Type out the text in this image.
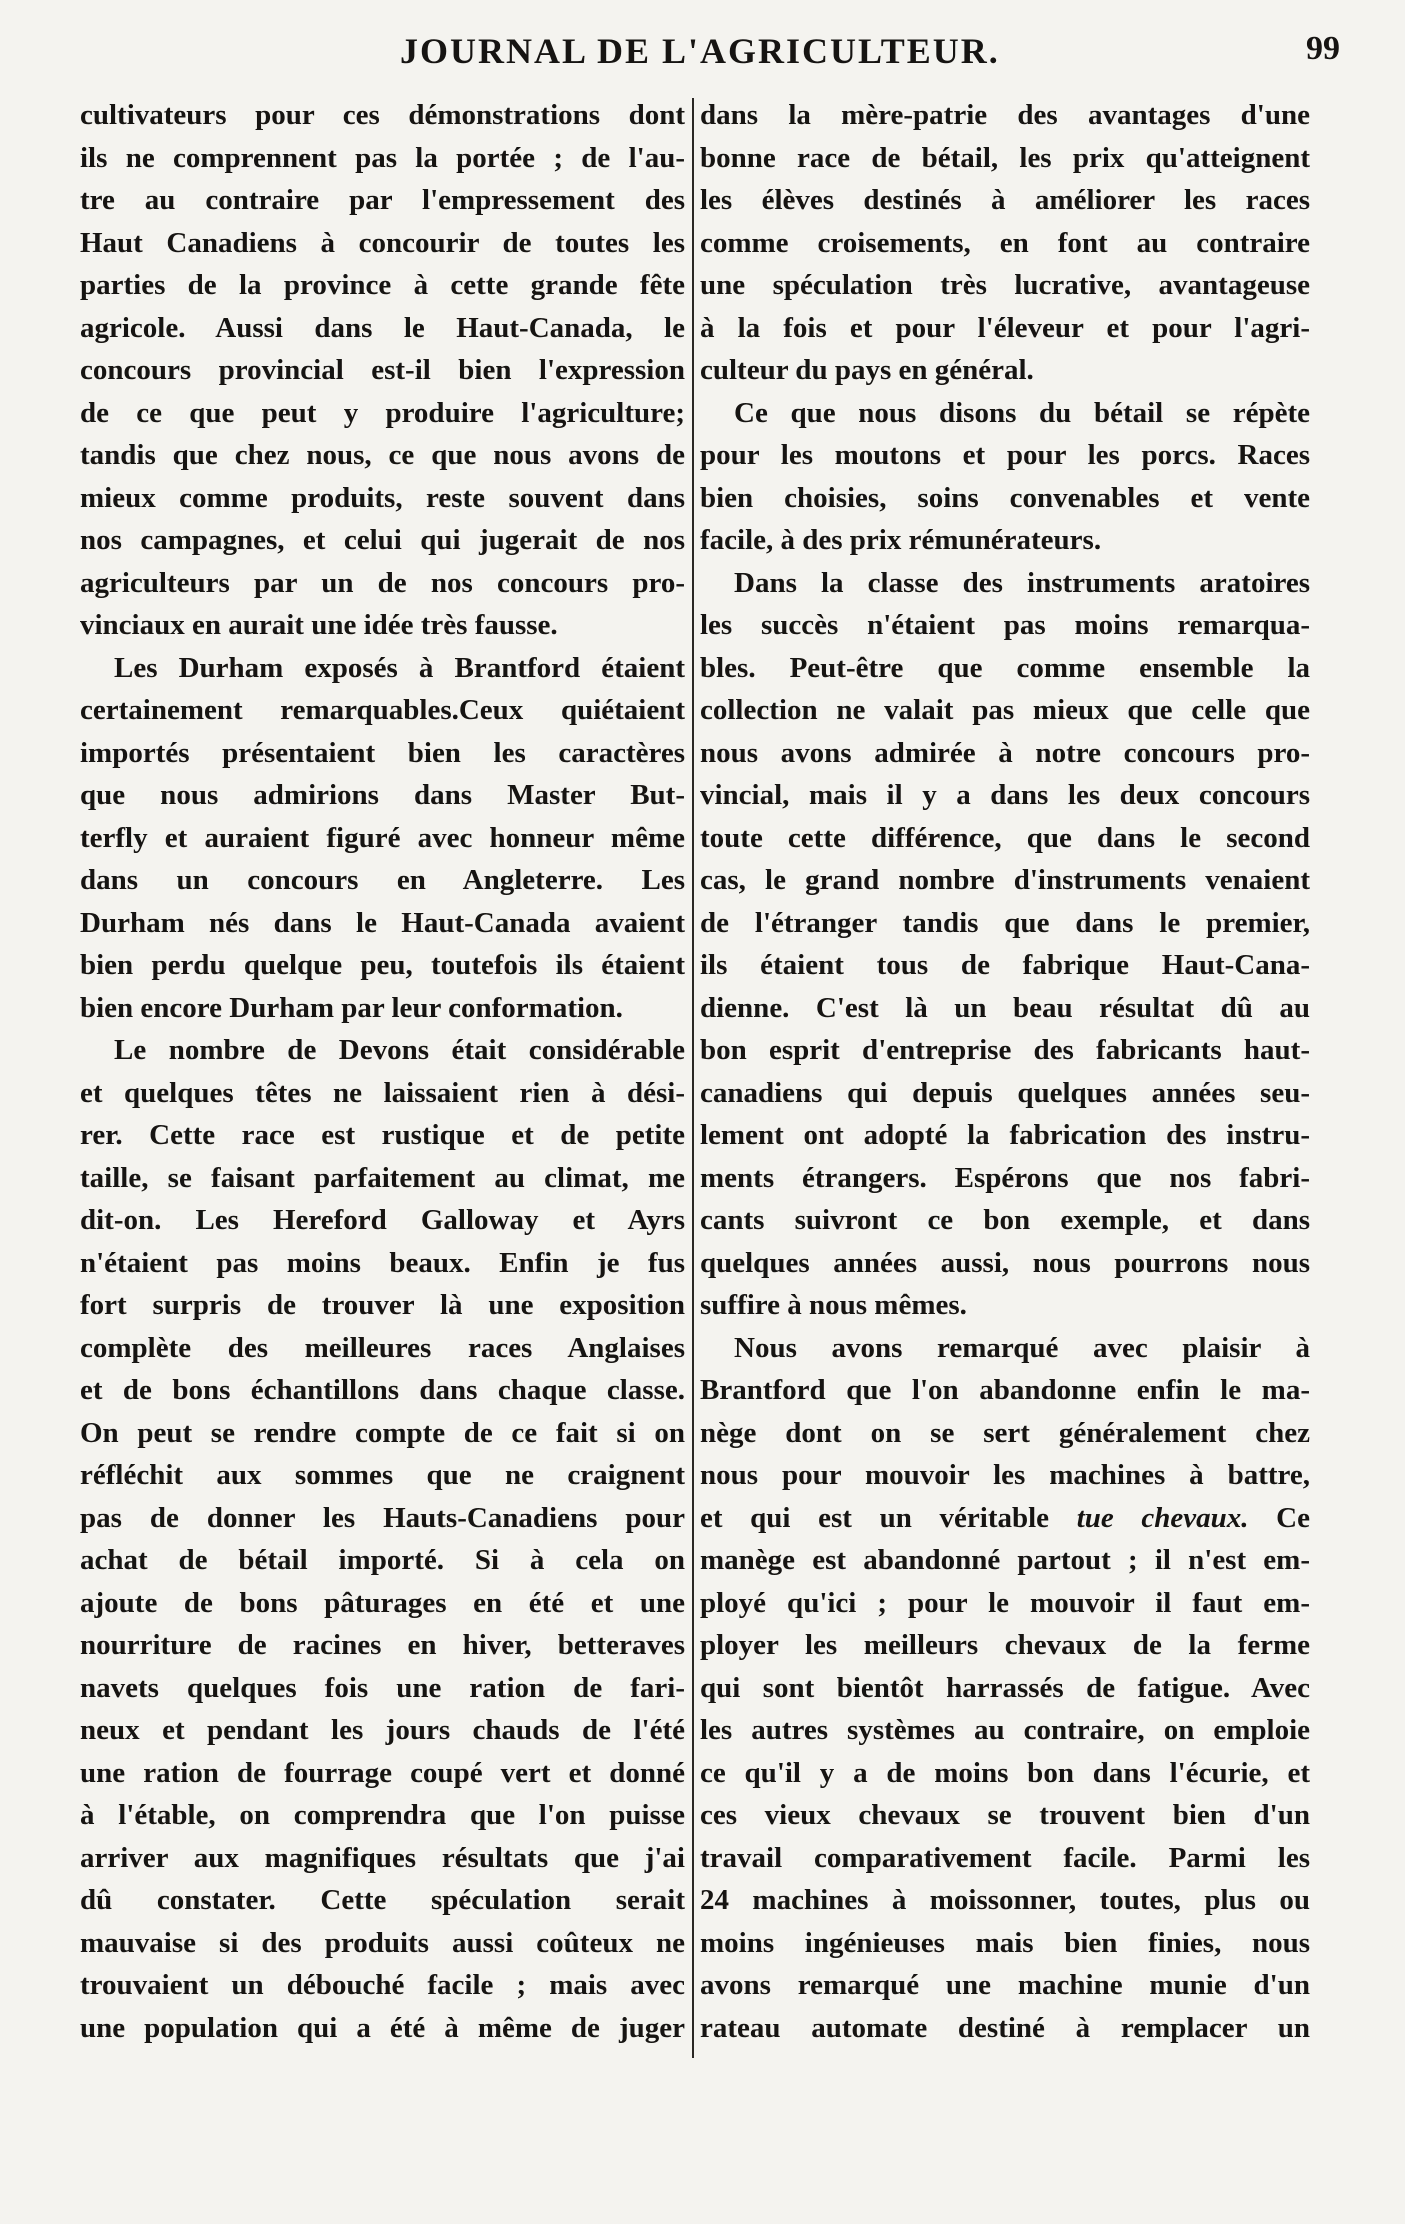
JOURNAL DE L'AGRICULTEUR.	99
cultivateurs pour ces démonstrations dont
ils ne comprennent pas la portée ; de l'au-
tre au contraire par l'empressement des
Haut Canadiens à concourir de toutes les
parties de la province à cette grande fête
agricole. Aussi dans le Haut-Canada, le
concours provincial est-il bien l'expression
de ce que peut y produire l'agriculture;
tandis que chez nous, ce que nous avons de
mieux comme produits, reste souvent dans
nos campagnes, et celui qui jugerait de nos
agriculteurs par un de nos concours pro-
vinciaux en aurait une idée très fausse.
Les Durham exposés à Brantford étaient
certainement remarquables.Ceux quiétaient
importés présentaient bien les caractères
que nous admirions dans Master But-
terfly et auraient figuré avec honneur même
dans un concours en Angleterre. Les
Durham nés dans le Haut-Canada avaient
bien perdu quelque peu, toutefois ils étaient
bien encore Durham par leur conformation.
Le nombre de Devons était considérable
et quelques têtes ne laissaient rien à dési-
rer. Cette race est rustique et de petite
taille, se faisant parfaitement au climat, me
dit-on. Les Hereford Galloway et Ayrs
n'étaient pas moins beaux. Enfin je fus
fort surpris de trouver là une exposition
complète des meilleures races Anglaises
et de bons échantillons dans chaque classe.
On peut se rendre compte de ce fait si on
réfléchit aux sommes que ne craignent
pas de donner les Hauts-Canadiens pour
achat de bétail importé. Si à cela on
ajoute de bons pâturages en été et une
nourriture de racines en hiver, betteraves
navets quelques fois une ration de fari-
neux et pendant les jours chauds de l'été
une ration de fourrage coupé vert et donné
à l'étable, on comprendra que l'on puisse
arriver aux magnifiques résultats que j'ai
dû constater. Cette spéculation serait
mauvaise si des produits aussi coûteux ne
trouvaient un débouché facile ; mais avec
une population qui a été à même de juger
dans la mère-patrie des avantages d'une
bonne race de bétail, les prix qu'atteignent
les élèves destinés à améliorer les races
comme croisements, en font au contraire
une spéculation très lucrative, avantageuse
à la fois et pour l'éleveur et pour l'agri-
culteur du pays en général.
Ce que nous disons du bétail se répète
pour les moutons et pour les porcs. Races
bien choisies, soins convenables et vente
facile, à des prix rémunérateurs.
Dans la classe des instruments aratoires
les succès n'étaient pas moins remarqua-
bles. Peut-être que comme ensemble la
collection ne valait pas mieux que celle que
nous avons admirée à notre concours pro-
vincial, mais il y a dans les deux concours
toute cette différence, que dans le second
cas, le grand nombre d'instruments venaient
de l'étranger tandis que dans le premier,
ils étaient tous de fabrique Haut-Cana-
dienne. C'est là un beau résultat dû au
bon esprit d'entreprise des fabricants haut-
canadiens qui depuis quelques années seu-
lement ont adopté la fabrication des instru-
ments étrangers. Espérons que nos fabri-
cants suivront ce bon exemple, et dans
quelques années aussi, nous pourrons nous
suffire à nous mêmes.
Nous avons remarqué avec plaisir à
Brantford que l'on abandonne enfin le ma-
nège dont on se sert généralement chez
nous pour mouvoir les machines à battre,
et qui est un véritable tue chevaux. Ce
manège est abandonné partout ; il n'est em-
ployé qu'ici ; pour le mouvoir il faut em-
ployer les meilleurs chevaux de la ferme
qui sont bientôt harrassés de fatigue. Avec
les autres systèmes au contraire, on emploie
ce qu'il y a de moins bon dans l'écurie, et
ces vieux chevaux se trouvent bien d'un
travail comparativement facile. Parmi les
24 machines à moissonner, toutes, plus ou
moins ingénieuses mais bien finies, nous
avons remarqué une machine munie d'un
rateau automate destiné à remplacer un
